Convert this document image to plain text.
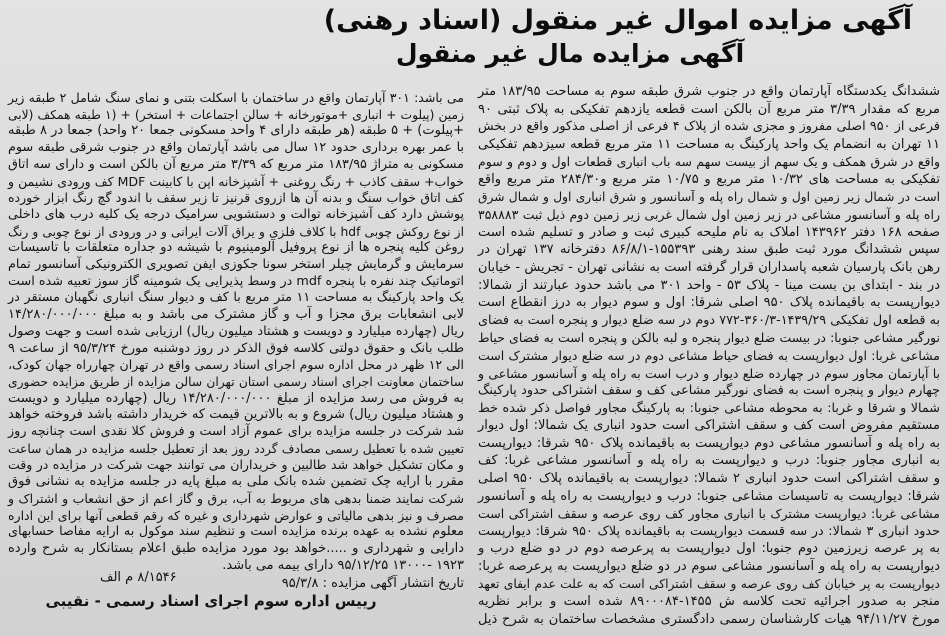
آگهی مزایده اموال غیر منقول (اسناد رهنی)
آگهی مزایده مال غیر منقول
ششدانگ یکدستگاه آپارتمان واقع در جنوب شرق طبقه سوم به مساحت ۱۸۳/۹۵ متر
مربع که مقدار ۳/۳۹ متر مربع آن بالکن است قطعه یازدهم تفکیکی به پلاک ثبتی ۹۰
فرعی از ۹۵۰ اصلی مفروز و مجزی شده از پلاک ۴ فرعی از اصلی مذکور واقع در بخش
۱۱ تهران به انضمام یک واحد پارکینگ به مساحت ۱۱ متر مربع قطعه سیزدهم تفکیکی
واقع در شرق همکف و یک سهم از بیست سهم سه باب انباری قطعات اول و دوم و سوم
تفکیکی به مساحت های ۱۰/۳۲ متر مربع و ۱۰/۷۵ متر مربع و۲۸۴/۳۰ متر مربع واقع
است در شمال زیر زمین اول و شمال راه پله و آسانسور و شرق انباری اول و شمال شرق
راه پله و آسانسور مشاعی در زیر زمین اول شمال غربی زیر زمین دوم ذیل ثبت ۳۵۸۸۸۳
صفحه ۱۶۸ دفتر ۱۴۳۹۶۲ املاک به نام ملیحه کبیری ثبت و صادر و تسلیم شده است
سپس ششدانگ مورد ثبت طبق سند رهنی ۱۵۵۳۹۳-۸۶/۸/۱ دفترخانه ۱۳۷ تهران در
رهن بانک پارسیان شعبه پاسداران قرار گرفته است به نشانی تهران - تجریش - خیابان
در بند - ابتدای بن بست مینا - پلاک ۵۳ - واحد ۳۰۱ می باشد حدود عبارتند از شمالا:
دیوارپست به باقیمانده پلاک ۹۵۰ اصلی شرقا: اول و سوم دیوار به درز انقطاع است
به قطعه اول تفکیکی ۱۴۳۹/۲۹-۳۶۰/۳-۷۷۲ دوم در سه ضلع دیوار و پنجره است به فضای
نورگیر مشاعی جنوبا: در بیست ضلع دیوار پنجره و لبه بالکن و پنجره است به فضای حیاط
مشاعی غربا: اول دیوارپست به فضای حیاط مشاعی دوم در سه ضلع دیوار مشترک است
با آپارتمان مجاور سوم در چهارده ضلع دیوار و درب است به راه پله و آسانسور مشاعی و
چهارم دیوار و پنجره است به فضای نورگیر مشاعی کف و سقف اشتراکی حدود پارکینگ
شمالا و شرقا و غربا: به محوطه مشاعی جنوبا: به پارکینگ مجاور فواصل ذکر شده خط
مستقیم مفروض است کف و سقف اشتراکی است حدود انباری یک شمالا: اول دیوار
به راه پله و آسانسور مشاعی دوم دیوارپست به باقیمانده پلاک ۹۵۰ شرقا: دیوارپست
به انباری مجاور جنوبا: درب و دیوارپست به راه پله و آسانسور مشاعی غربا: کف
و سقف اشتراکی است حدود انباری ۲ شمالا: دیوارپست به باقیمانده پلاک ۹۵۰ اصلی
شرقا: دیوارپست به تاسیسات مشاعی جنوبا: درب و دیوارپست به راه پله و آسانسور
مشاعی غربا: دیوارپست مشترک با انباری مجاور کف روی عرصه و سقف اشتراکی است
حدود انباری ۳ شمالا: در سه قسمت دیوارپست به باقیمانده پلاک ۹۵۰ شرقا: دیوارپست
به پر عرصه زیرزمین دوم جنوبا: اول دیوارپست به پرعرصه دوم در دو ضلع درب و
دیوارپست به راه پله و آسانسور مشاعی سوم در دو ضلع دیوارپست به پرعرصه غربا:
دیوارپست به پر خیابان کف روی عرصه و سقف اشتراکی است که به علت عدم ایفای تعهد
منجر به صدور اجرائیه تحت کلاسه ش ۱۴۵۵-۸۹۰۰۰۸۴ شده است و برابر نظریه
مورخ ۹۴/۱۱/۲۷ هیات کارشناسان رسمی دادگستری مشخصات ساختمان به شرح ذیل
می باشد: ۳۰۱ آپارتمان واقع در ساختمان با اسکلت بتنی و نمای سنگ شامل ۲ طبقه زیر
زمین (پیلوت + انباری +موتورخانه + سالن اجتماعات + استخر) + (۱ طبقه همکف (لابی
+پیلوت) + ۵ طبقه (هر طبقه دارای ۴ واحد مسکونی جمعا ۲۰ واحد) جمعا در ۸ طبقه
با عمر بهره برداری حدود ۱۲ سال می باشد آپارتمان واقع در جنوب شرقی طبقه سوم
مسکونی به متراژ ۱۸۳/۹۵ متر مربع که ۳/۳۹ متر مربع آن بالکن است و دارای سه اتاق
خواب+ سقف کاذب + رنگ روغنی + آشپزخانه اپن با کابینت MDF کف ورودی نشیمن و
کف اتاق خواب سنگ و بدنه آن ها ازروی قرنیز تا زیر سقف با اندود گچ رنگ ابزار خورده
پوشش دارد کف آشپزخانه توالت و دستشویی سرامیک درجه یک کلیه درب های داخلی
از نوع روکش چوبی hdf با کلاف فلزی و یراق آلات ایرانی و در ورودی از نوع چوبی و رنگ
روغن کلیه پنجره ها از نوع پروفیل آلومینیوم با شیشه دو جداره متعلقات با تاسیسات
سرمایش و گرمایش چیلر استخر سونا جکوزی ایفن تصویری الکترونیکی آسانسور تمام
اتوماتیک چند نفره با پنجره mdf در وسط پذیرایی یک شومینه گاز سوز تعبیه شده است
یک واحد پارکینگ به مساحت ۱۱ متر مربع با کف و دیوار سنگ انباری نگهبان مستقر در
لابی انشعابات برق مجزا و آب و گاز مشترک می باشد و به مبلغ ۱۴/۲۸۰/۰۰۰/۰۰۰
ریال (چهارده میلیارد و دویست و هشتاد میلیون ریال) ارزیابی شده است و جهت وصول
طلب بانک و حقوق دولتی کلاسه فوق الذکر در روز دوشنبه مورخ ۹۵/۳/۲۴ از ساعت ۹
الی ۱۲ ظهر در محل اداره سوم اجرای اسناد رسمی واقع در تهران چهارراه جهان کودک،
ساختمان معاونت اجرای اسناد رسمی استان تهران سالن مزایده از طریق مزایده حضوری
به فروش می رسد مزایده از مبلغ ۱۴/۲۸۰/۰۰۰/۰۰۰ ریال (چهارده میلیارد و دویست
و هشتاد میلیون ریال) شروع و به بالاترین قیمت که خریدار داشته باشد فروخته خواهد
شد شرکت در جلسه مزایده برای عموم آزاد است و فروش کلا نقدی است چنانچه روز
تعیین شده با تعطیل رسمی مصادف گردد روز بعد از تعطیل جلسه مزایده در همان ساعت
و مکان تشکیل خواهد شد طالبین و خریداران می توانند جهت شرکت در مزایده در وقت
مقرر با ارایه چک تضمین شده بانک ملی به مبلغ پایه در جلسه مزایده به نشانی فوق
شرکت نمایند ضمنا بدهی های مربوط به آب، برق و گاز اعم از حق انشعاب و اشتراک و
مصرف و نیز بدهی مالیاتی و عوارض شهرداری و غیره که رقم قطعی آنها برای این اداره
معلوم نشده به عهده برنده مزایده است و تنظیم سند موکول به ارایه مفاصا حسابهای
دارایی و شهرداری و .....خواهد بود مورد مزایده طبق اعلام بستانکار به شرح وارده
۱۹۲۳ -۱۳۰۰۰ ۹۵/۱۲/۲۵ دارای بیمه می باشد.
تاریخ انتشار آگهی مزایده : ۹۵/۳/۸
۸/۱۵۴۶ م الف
رییس اداره سوم اجرای اسناد رسمی - نقیبی
